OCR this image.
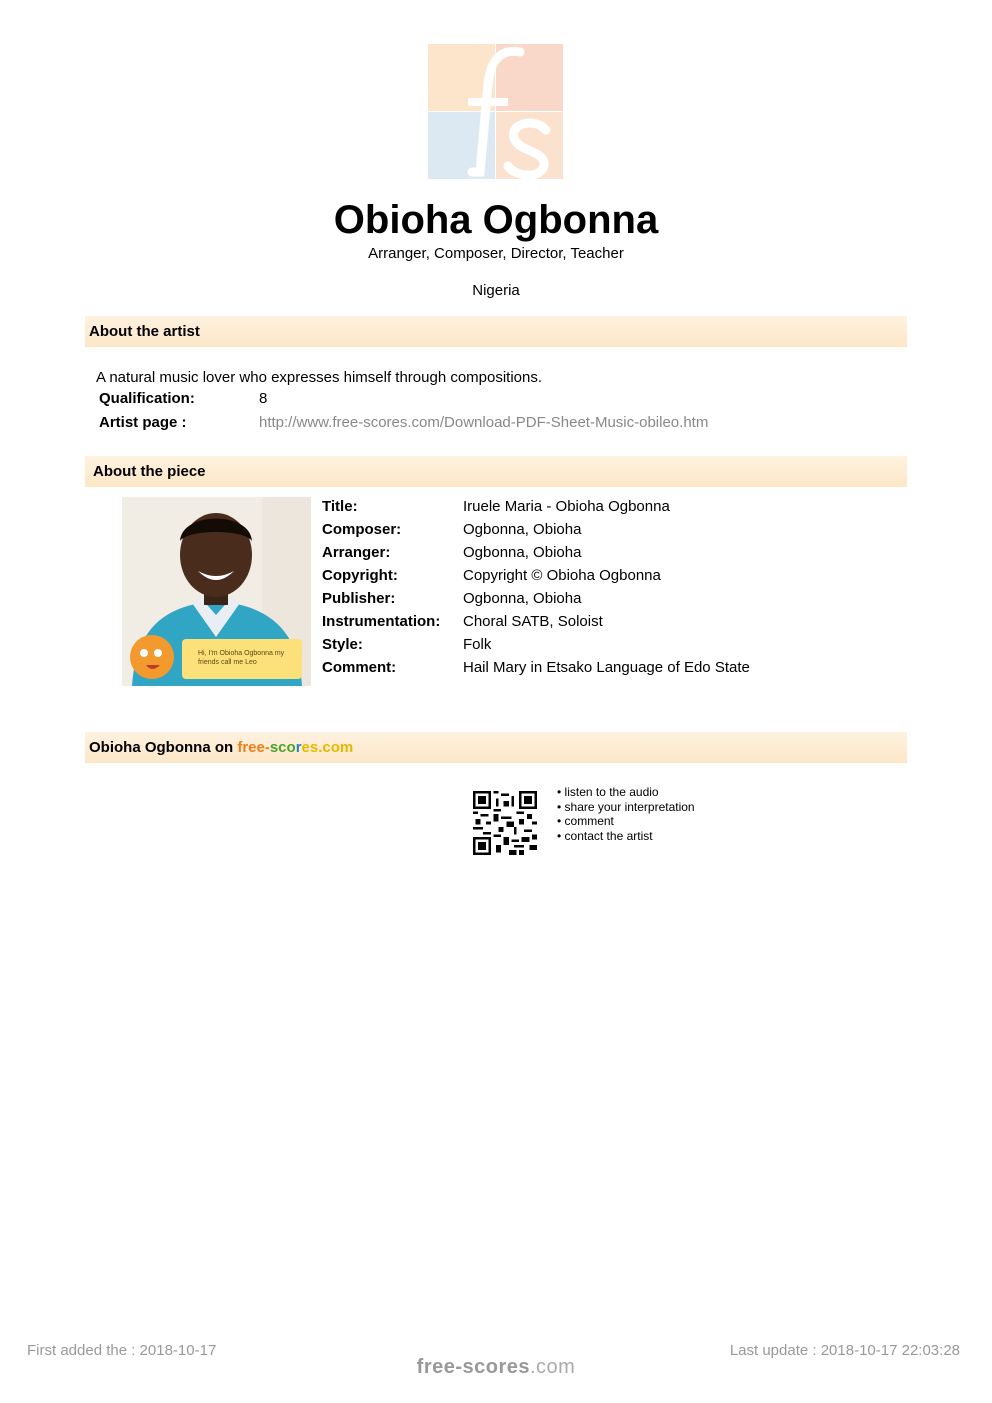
Obioha Ogbonna
Arranger, Composer, Director, Teacher
Nigeria
About the artist
A natural music lover who expresses himself through compositions.
Qualification:	8
Artist page :	http://www.free-scores.com/Download-PDF-Sheet-Music-obileo.htm
About the piece
Hi, I'm Obioha Ogbonna my friends call me Leo
Title:	Iruele Maria - Obioha Ogbonna
Composer:	Ogbonna, Obioha
Arranger:	Ogbonna, Obioha
Copyright:	Copyright © Obioha Ogbonna
Publisher:	Ogbonna, Obioha
Instrumentation: Choral SATB, Soloist
Style:	Folk
Comment:	Hail Mary in Etsako Language of Edo State
Obioha Ogbonna on free-scores.com
• listen to the audio
• share your interpretation
• comment
• contact the artist
First added the : 2018-10-17	Last update : 2018-10-17 22:03:28
free-scores.com
